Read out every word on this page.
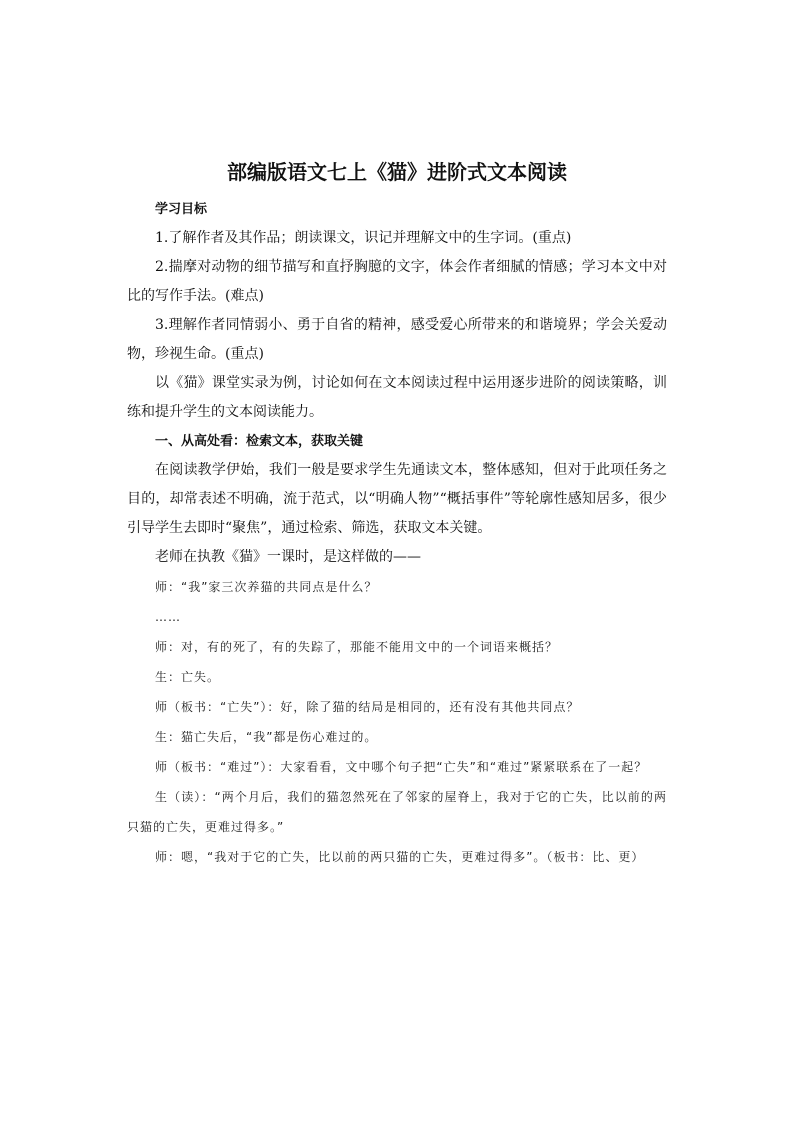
部编版语文七上《猫》进阶式文本阅读

学习目标

1.了解作者及其作品；朗读课文，识记并理解文中的生字词。(重点)

2.揣摩对动物的细节描写和直抒胸臆的文字，体会作者细腻的情感；学习本文中对比的写作手法。(难点)

3.理解作者同情弱小、勇于自省的精神，感受爱心所带来的和谐境界；学会关爱动物，珍视生命。(重点)

以《猫》课堂实录为例，讨论如何在文本阅读过程中运用逐步进阶的阅读策略，训练和提升学生的文本阅读能力。

一、从高处看：检索文本，获取关键

在阅读教学伊始，我们一般是要求学生先通读文本，整体感知，但对于此项任务之目的，却常表述不明确，流于范式，以“明确人物”“概括事件”等轮廓性感知居多，很少引导学生去即时“聚焦”，通过检索、筛选，获取文本关键。

老师在执教《猫》一课时，是这样做的——

师：“我”家三次养猫的共同点是什么？

……

师：对，有的死了，有的失踪了，那能不能用文中的一个词语来概括？

生：亡失。

师（板书：“亡失”）：好，除了猫的结局是相同的，还有没有其他共同点？

生：猫亡失后，“我”都是伤心难过的。

师（板书：“难过”）：大家看看，文中哪个句子把“亡失”和“难过”紧紧联系在了一起？

生（读）：“两个月后，我们的猫忽然死在了邻家的屋脊上，我对于它的亡失，比以前的两只猫的亡失，更难过得多。”

师：嗯，“我对于它的亡失，比以前的两只猫的亡失，更难过得多”。（板书：比、更）
